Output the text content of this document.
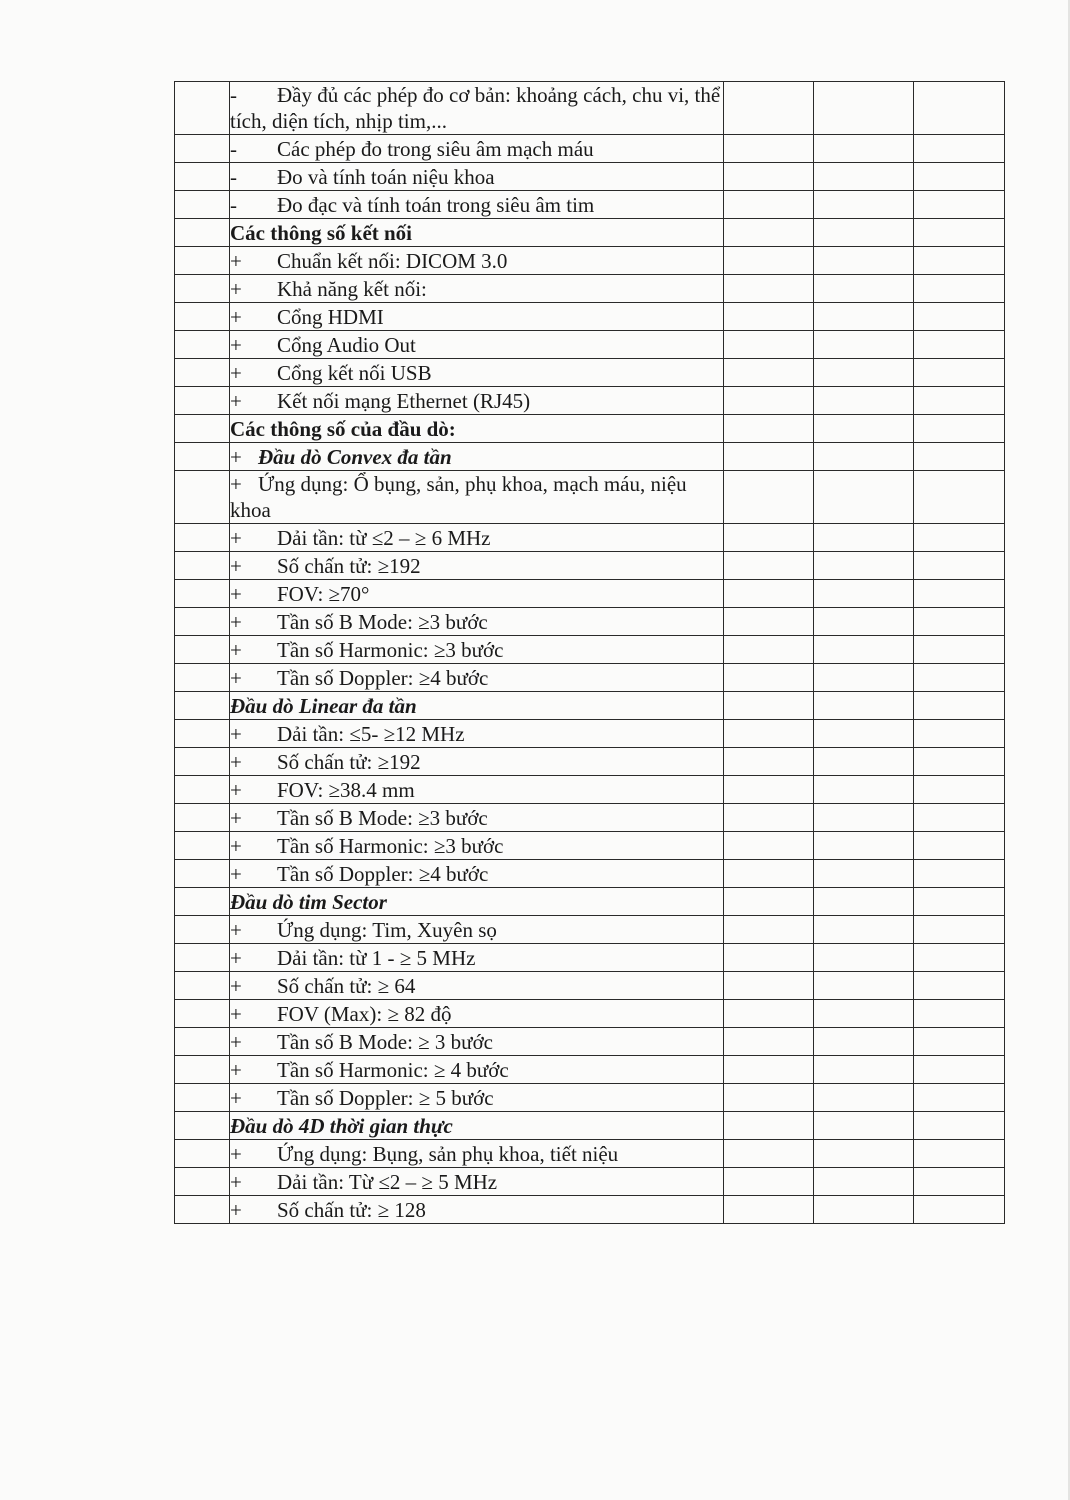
	- Đầy đủ các phép đo cơ bản: khoảng cách, chu vi, thể tích, diện tích, nhịp tim,...			
	- Các phép đo trong siêu âm mạch máu			
	- Đo và tính toán niệu khoa			
	- Đo đạc và tính toán trong siêu âm tim			
	Các thông số kết nối			
	+ Chuẩn kết nối: DICOM 3.0			
	+ Khả năng kết nối:			
	+ Cổng HDMI			
	+ Cổng Audio Out			
	+ Cổng kết nối USB			
	+ Kết nối mạng Ethernet (RJ45)			
	Các thông số của đầu dò:			
	+ Đầu dò Convex đa tần			
	+ Ứng dụng: Ổ bụng, sản, phụ khoa, mạch máu, niệu khoa			
	+ Dải tần: từ ≤2 – ≥ 6 MHz			
	+ Số chấn tử: ≥192			
	+ FOV: ≥70°			
	+ Tần số B Mode: ≥3 bước			
	+ Tần số Harmonic: ≥3 bước			
	+ Tần số Doppler: ≥4 bước			
	Đầu dò Linear đa tần			
	+ Dải tần: ≤5- ≥12 MHz			
	+ Số chấn tử: ≥192			
	+ FOV: ≥38.4 mm			
	+ Tần số B Mode: ≥3 bước			
	+ Tần số Harmonic: ≥3 bước			
	+ Tần số Doppler: ≥4 bước			
	Đầu dò tim Sector			
	+ Ứng dụng: Tim, Xuyên sọ			
	+ Dải tần: từ 1 - ≥ 5 MHz			
	+ Số chấn tử: ≥ 64			
	+ FOV (Max): ≥ 82 độ			
	+ Tần số B Mode: ≥ 3 bước			
	+ Tần số Harmonic: ≥ 4 bước			
	+ Tần số Doppler: ≥ 5 bước			
	Đầu dò 4D thời gian thực			
	+ Ứng dụng: Bụng, sản phụ khoa, tiết niệu			
	+ Dải tần: Từ ≤2 – ≥ 5 MHz			
	+ Số chấn tử: ≥ 128			
